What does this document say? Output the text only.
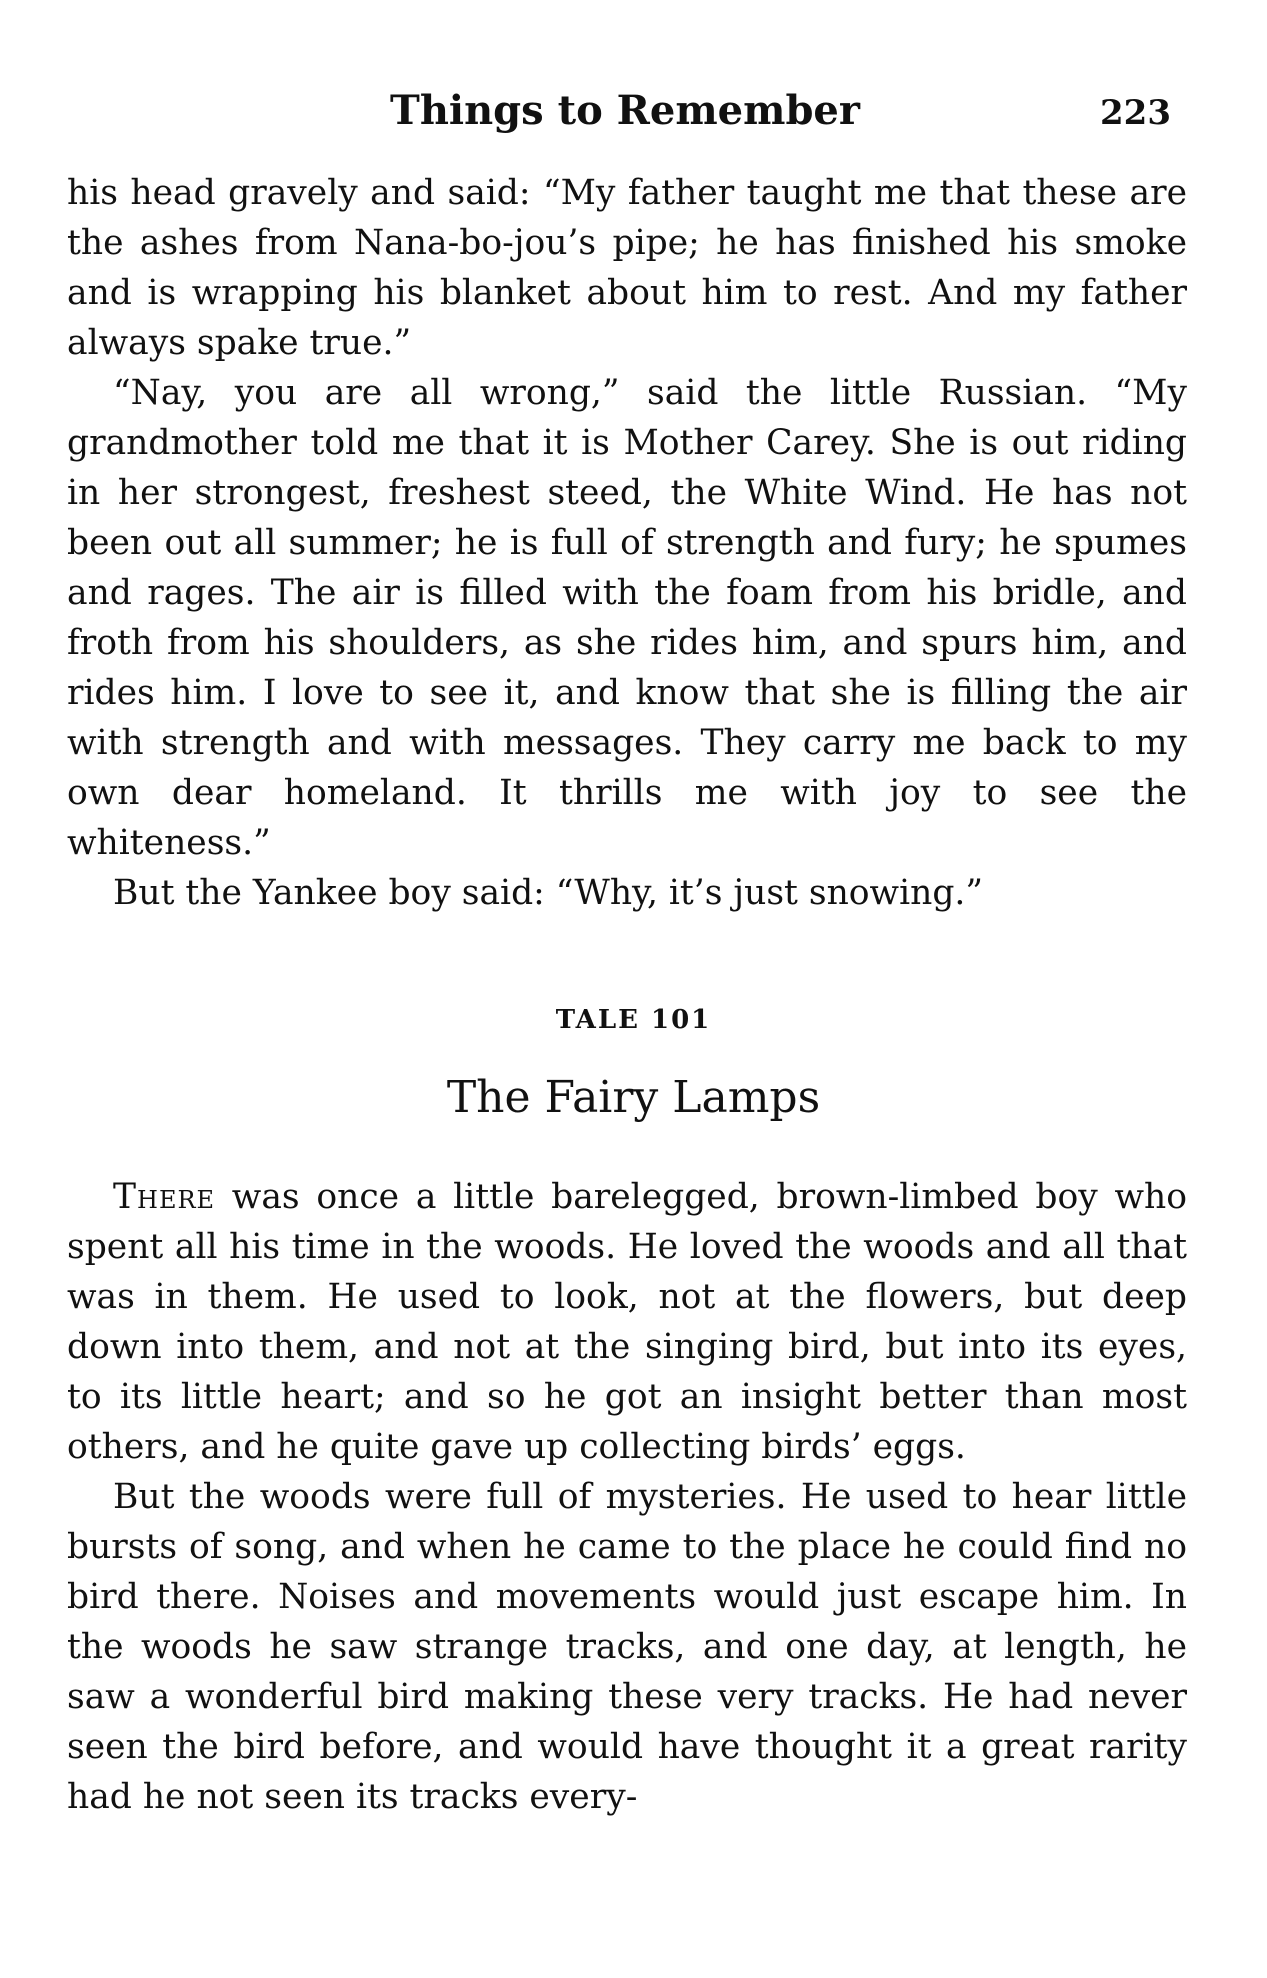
Things to Remember	223

his head gravely and said: “My father taught me that these are the ashes from Nana-bo-jou’s pipe; he has finished his smoke and is wrapping his blanket about him to rest. And my father always spake true.”

“Nay, you are all wrong,” said the little Russian. “My grandmother told me that it is Mother Carey. She is out riding in her strongest, freshest steed, the White Wind. He has not been out all summer; he is full of strength and fury; he spumes and rages. The air is filled with the foam from his bridle, and froth from his shoulders, as she rides him, and spurs him, and rides him. I love to see it, and know that she is filling the air with strength and with messages. They carry me back to my own dear homeland. It thrills me with joy to see the whiteness.”

But the Yankee boy said: “Why, it’s just snowing.”

TALE 101
The Fairy Lamps

There was once a little barelegged, brown-limbed boy who spent all his time in the woods. He loved the woods and all that was in them. He used to look, not at the flowers, but deep down into them, and not at the singing bird, but into its eyes, to its little heart; and so he got an insight better than most others, and he quite gave up collecting birds’ eggs.

But the woods were full of mysteries. He used to hear little bursts of song, and when he came to the place he could find no bird there. Noises and movements would just escape him. In the woods he saw strange tracks, and one day, at length, he saw a wonderful bird making these very tracks. He had never seen the bird before, and would have thought it a great rarity had he not seen its tracks every-
